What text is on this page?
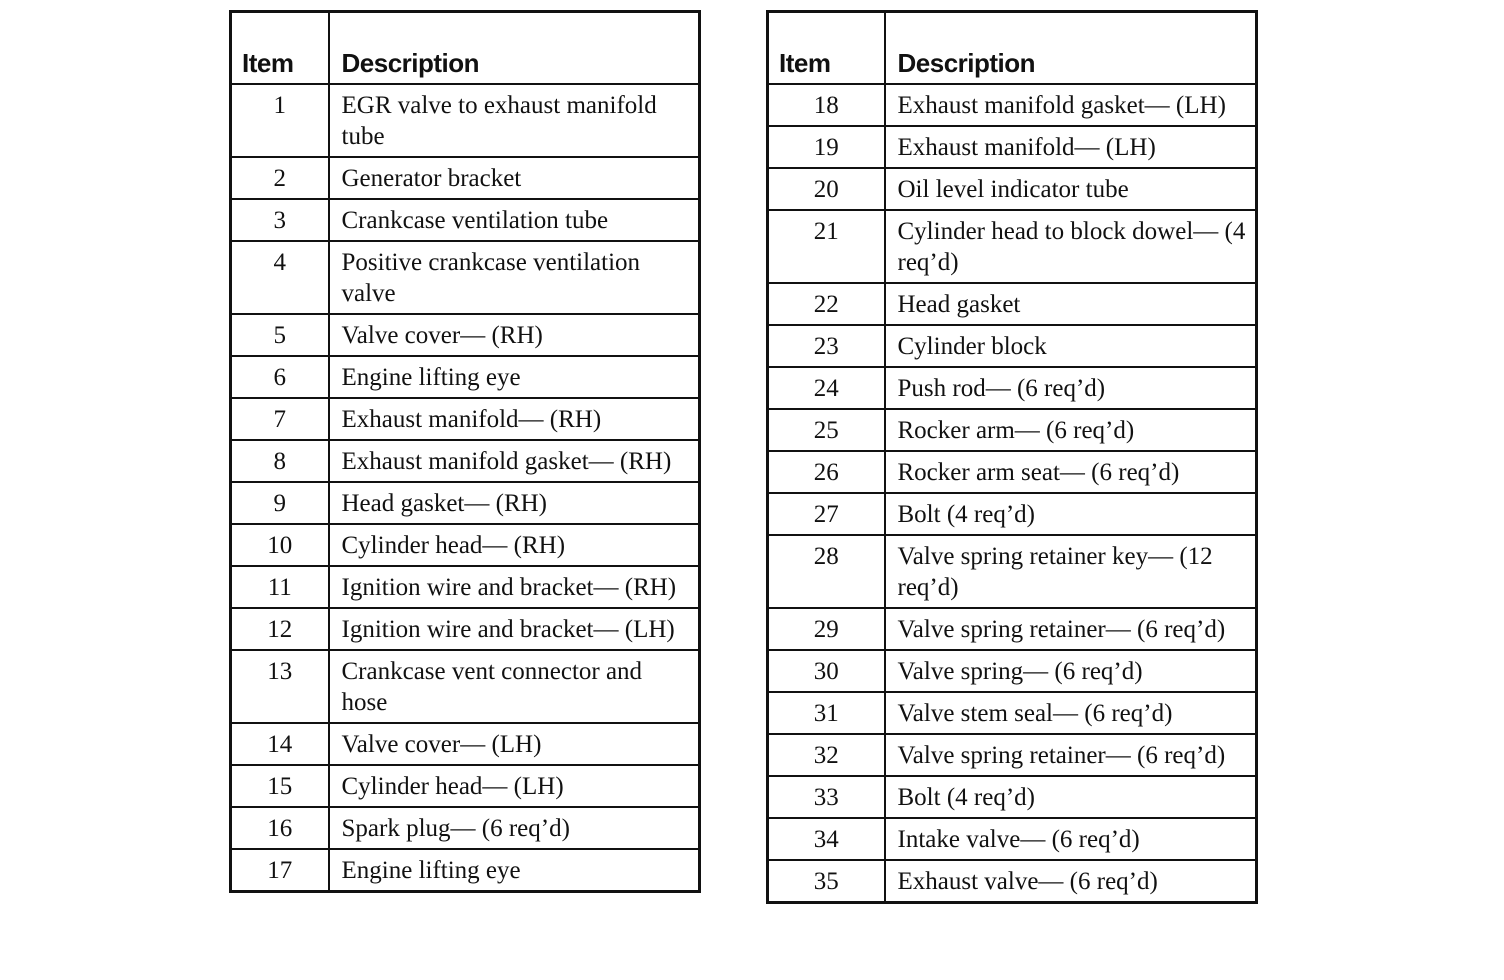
Item	Description
1	EGR valve to exhaust manifold tube
2	Generator bracket
3	Crankcase ventilation tube
4	Positive crankcase ventilation valve
5	Valve cover— (RH)
6	Engine lifting eye
7	Exhaust manifold— (RH)
8	Exhaust manifold gasket— (RH)
9	Head gasket— (RH)
10	Cylinder head— (RH)
11	Ignition wire and bracket— (RH)
12	Ignition wire and bracket— (LH)
13	Crankcase vent connector and hose
14	Valve cover— (LH)
15	Cylinder head— (LH)
16	Spark plug— (6 req’d)
17	Engine lifting eye
Item	Description
18	Exhaust manifold gasket— (LH)
19	Exhaust manifold— (LH)
20	Oil level indicator tube
21	Cylinder head to block dowel— (4 req’d)
22	Head gasket
23	Cylinder block
24	Push rod— (6 req’d)
25	Rocker arm— (6 req’d)
26	Rocker arm seat— (6 req’d)
27	Bolt (4 req’d)
28	Valve spring retainer key— (12 req’d)
29	Valve spring retainer— (6 req’d)
30	Valve spring— (6 req’d)
31	Valve stem seal— (6 req’d)
32	Valve spring retainer— (6 req’d)
33	Bolt (4 req’d)
34	Intake valve— (6 req’d)
35	Exhaust valve— (6 req’d)
